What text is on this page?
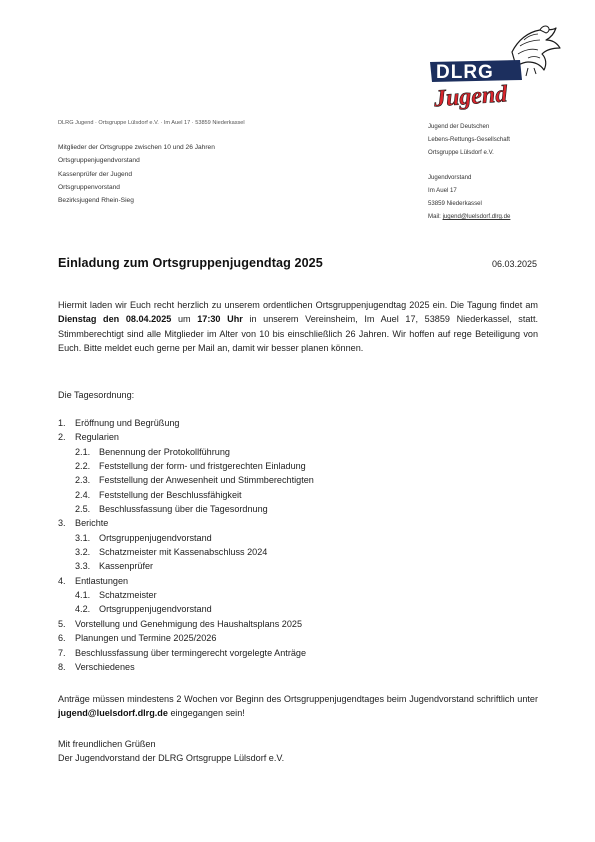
DLRG
Jugend
DLRG Jugend · Ortsgruppe Lülsdorf e.V. · Im Auel 17 · 53859 Niederkassel
Mitglieder der Ortsgruppe zwischen 10 und 26 Jahren
Ortsgruppenjugendvorstand
Kassenprüfer der Jugend
Ortsgruppenvorstand
Bezirksjugend Rhein-Sieg
Jugend der Deutschen
Lebens-Rettungs-Gesellschaft
Ortsgruppe Lülsdorf e.V.
Jugendvorstand
Im Auel 17
53859 Niederkassel
Mail: jugend@luelsdorf.dlrg.de
Einladung zum Ortsgruppenjugendtag 2025	06.03.2025
Hiermit laden wir Euch recht herzlich zu unserem ordentlichen Ortsgruppenjugendtag 2025 ein. Die Tagung findet am Dienstag den 08.04.2025 um 17:30 Uhr in unserem Vereinsheim, Im Auel 17, 53859 Niederkassel, statt. Stimmberechtigt sind alle Mitglieder im Alter von 10 bis einschließlich 26 Jahren. Wir hoffen auf rege Beteiligung von Euch. Bitte meldet euch gerne per Mail an, damit wir besser planen können.
Die Tagesordnung:
1. Eröffnung und Begrüßung
2. Regularien
2.1. Benennung der Protokollführung
2.2. Feststellung der form- und fristgerechten Einladung
2.3. Feststellung der Anwesenheit und Stimmberechtigten
2.4. Feststellung der Beschlussfähigkeit
2.5. Beschlussfassung über die Tagesordnung
3. Berichte
3.1. Ortsgruppenjugendvorstand
3.2. Schatzmeister mit Kassenabschluss 2024
3.3. Kassenprüfer
4. Entlastungen
4.1. Schatzmeister
4.2. Ortsgruppenjugendvorstand
5. Vorstellung und Genehmigung des Haushaltsplans 2025
6. Planungen und Termine 2025/2026
7. Beschlussfassung über termingerecht vorgelegte Anträge
8. Verschiedenes
Anträge müssen mindestens 2 Wochen vor Beginn des Ortsgruppenjugendtages beim Jugendvorstand schriftlich unter jugend@luelsdorf.dlrg.de eingegangen sein!
Mit freundlichen Grüßen
Der Jugendvorstand der DLRG Ortsgruppe Lülsdorf e.V.
